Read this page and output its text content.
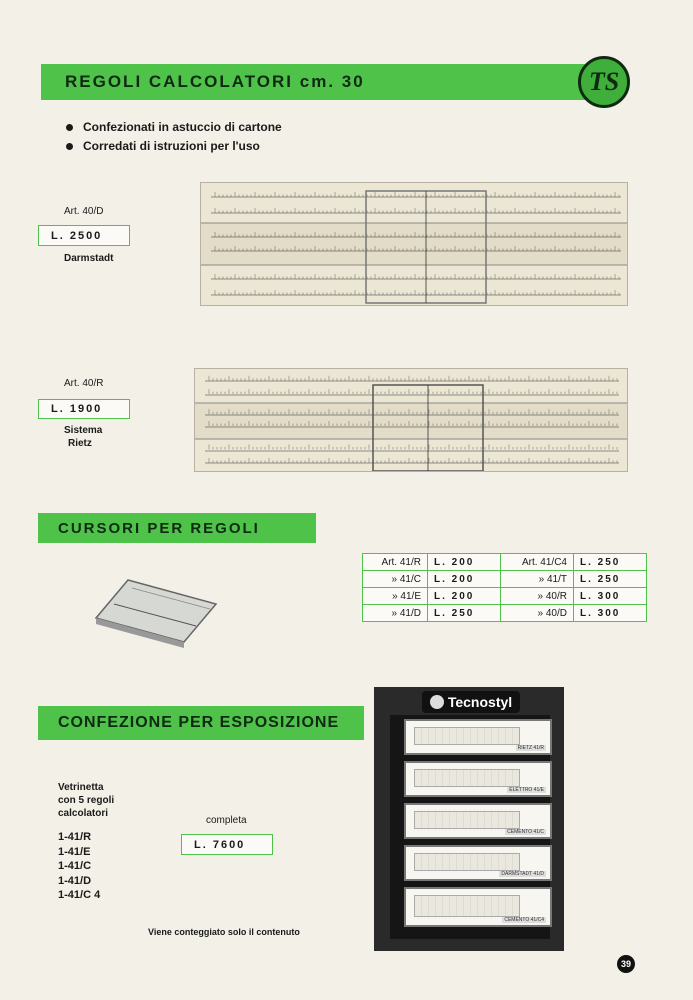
REGOLI CALCOLATORI cm. 30	TS
Confezionati in astuccio di cartone
Corredati di istruzioni per l'uso
Art. 40/D
L. 2500
Darmstadt
Art. 40/R
L. 1900
Sistema
Rietz
CURSORI PER REGOLI
Art. 41/R	L. 200	Art. 41/C4	L. 250
» 41/C	L. 200	» 41/T	L. 250
» 41/E	L. 200	» 40/R	L. 300
» 41/D	L. 250	» 40/D	L. 300
CONFEZIONE PER ESPOSIZIONE
Vetrinetta
con 5 regoli
calcolatori
1-41/R
1-41/E
1-41/C
1-41/D
1-41/C 4
completa
L. 7600
Viene conteggiato solo il contenuto
Tecnostyl
RIETZ 41/R
ELETTRO 41/E
CEMENTO 41/C
DARMSTADT 41/D
CEMENTO 41/C4
39
